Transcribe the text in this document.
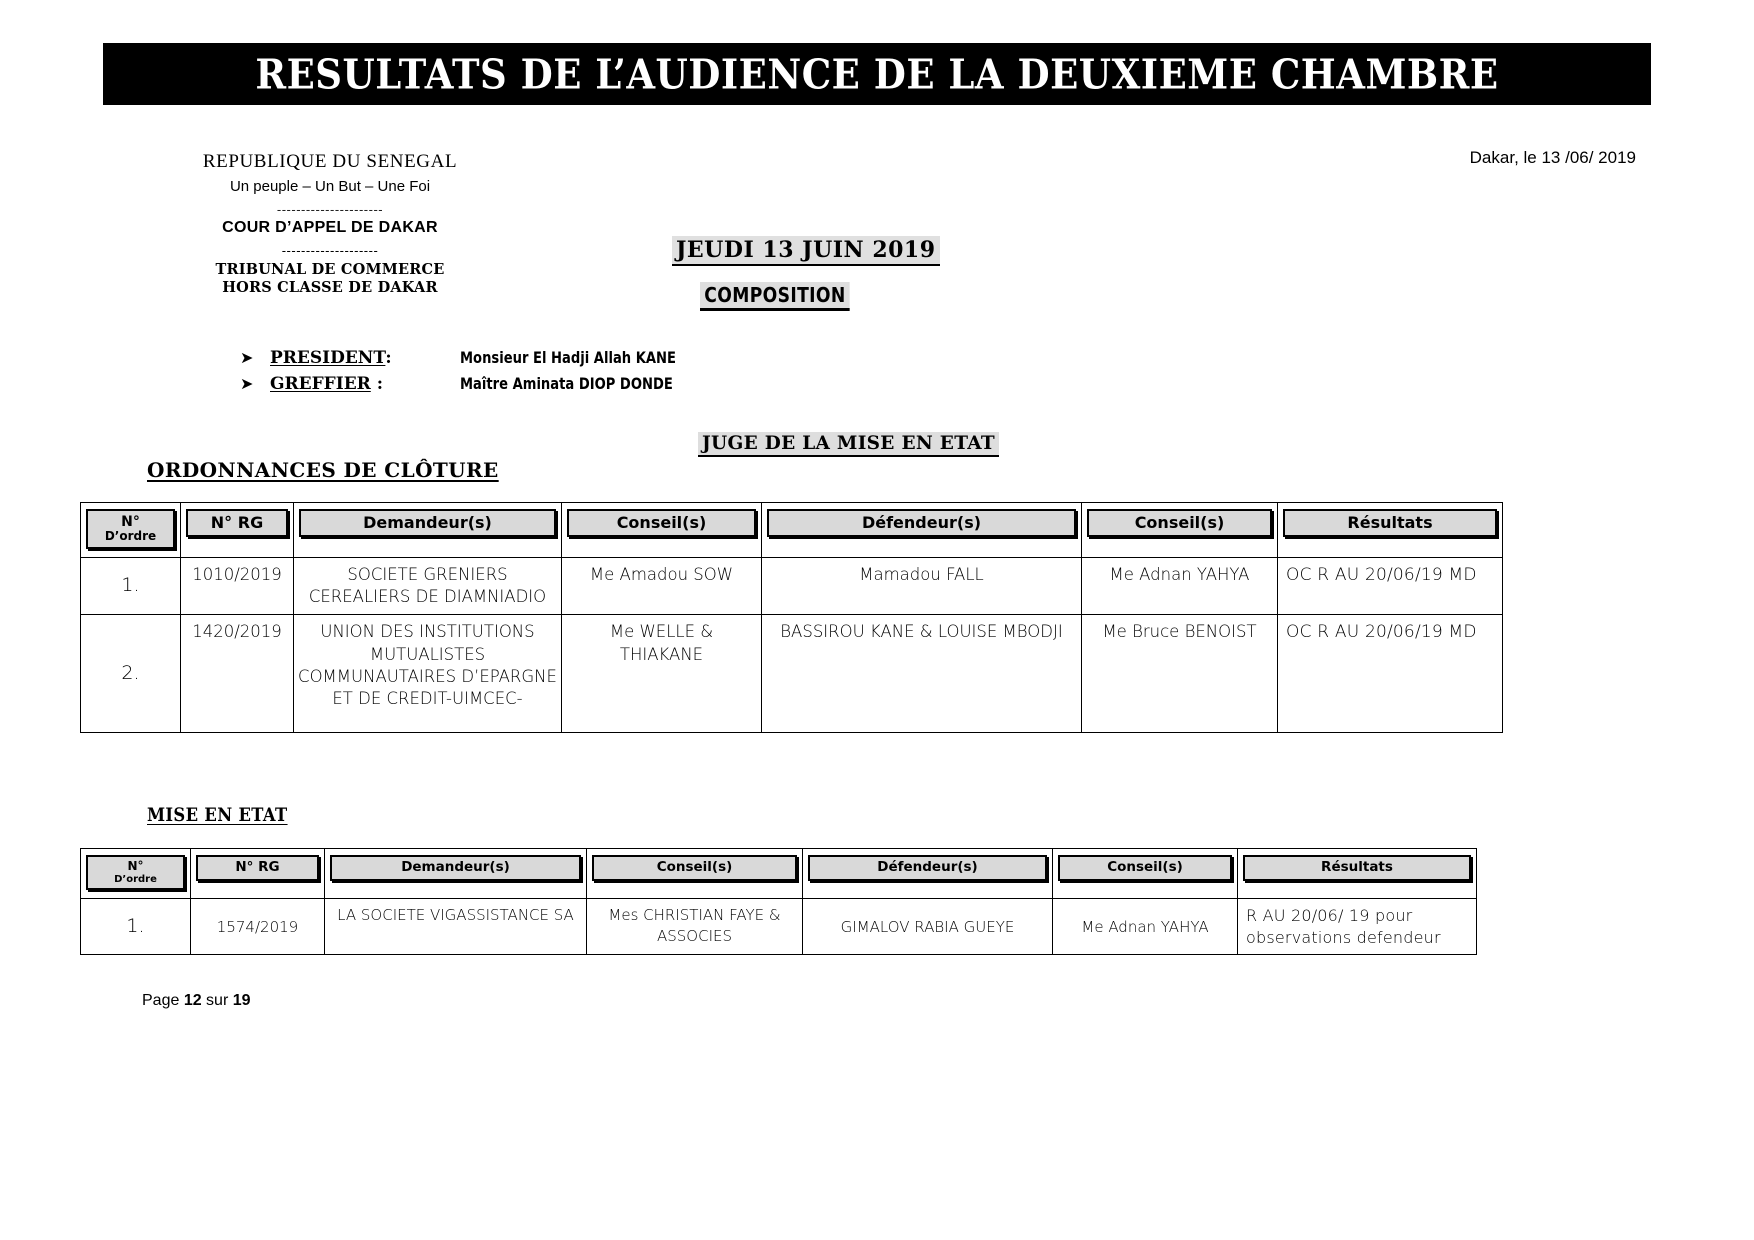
RESULTATS DE L’AUDIENCE DE LA DEUXIEME CHAMBRE
REPUBLIQUE DU SENEGAL
Un peuple – Un But – Une Foi
----------------------
COUR D’APPEL DE DAKAR
--------------------
TRIBUNAL DE COMMERCE
HORS CLASSE DE DAKAR
Dakar, le 13 /06/ 2019
JEUDI 13 JUIN 2019
COMPOSITION
➤ PRESIDENT:	Monsieur El Hadji Allah KANE
➤ GREFFIER :	Maître Aminata DIOP DONDE
JUGE DE LA MISE EN ETAT
ORDONNANCES DE CLÔTURE
N°
D’ordre	N° RG	Demandeur(s)	Conseil(s)	Défendeur(s)	Conseil(s)	Résultats

1.	1010/2019	SOCIETE GRENIERS CEREALIERS DE DIAMNIADIO	Me Amadou SOW	Mamadou FALL	Me Adnan YAHYA	OC R AU 20/06/19 MD
2.	1420/2019	UNION DES INSTITUTIONS MUTUALISTES COMMUNAUTAIRES D’EPARGNE ET DE CREDIT-UIMCEC-	Me WELLE & THIAKANE	BASSIROU KANE & LOUISE MBODJI	Me Bruce BENOIST	OC R AU 20/06/19 MD
MISE EN ETAT
N°
D’ordre	N° RG	Demandeur(s)	Conseil(s)	Défendeur(s)	Conseil(s)	Résultats

1.	1574/2019	LA SOCIETE VIGASSISTANCE SA	Mes CHRISTIAN FAYE & ASSOCIES	GIMALOV RABIA GUEYE	Me Adnan YAHYA	R AU 20/06/ 19 pour observations defendeur
Page 12 sur 19
